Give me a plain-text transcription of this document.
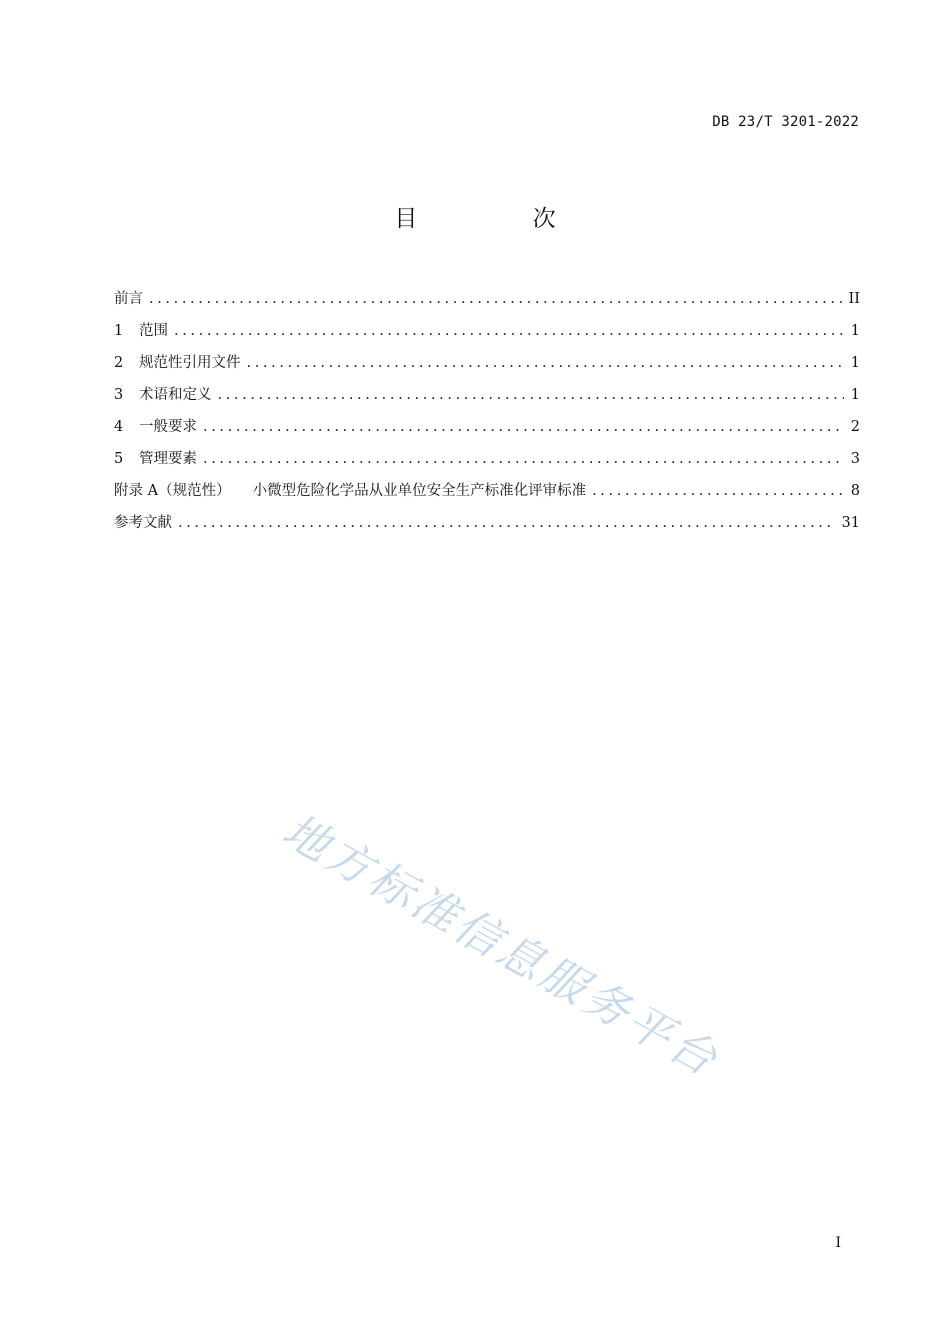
DB 23/T 3201-2022
目 次
前言 .....	II
1	范围 .....	1
2	规范性引用文件 .....	1
3	术语和定义 .....	1
4	一般要求 .....	2
5	管理要素 .....	3
附录 A（规范性） 小微型危险化学品从业单位安全生产标准化评审标准 .....	8
参考文献 .....	31
地方标准信息服务平台
I
